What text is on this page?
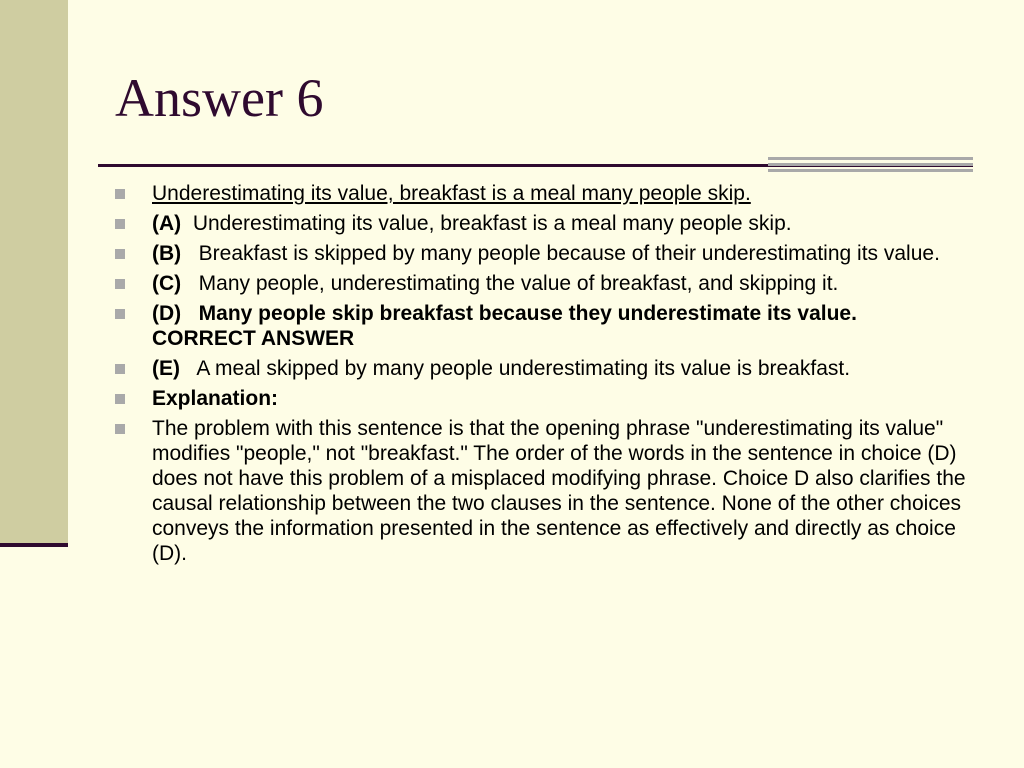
Answer 6
Underestimating its value, breakfast is a meal many people skip.
(A) Underestimating its value, breakfast is a meal many people skip.
(B) Breakfast is skipped by many people because of their underestimating its value.
(C) Many people, underestimating the value of breakfast, and skipping it.
(D) Many people skip breakfast because they underestimate its value.   CORRECT ANSWER
(E) A meal skipped by many people underestimating its value is breakfast.
Explanation:
The problem with this sentence is that the opening phrase "underestimating its value" modifies "people," not "breakfast." The order of the words in the sentence in choice (D) does not have this problem of a misplaced modifying phrase. Choice D also clarifies the causal relationship between the two clauses in the sentence. None of the other choices conveys the information presented in the sentence as effectively and directly as choice (D).
